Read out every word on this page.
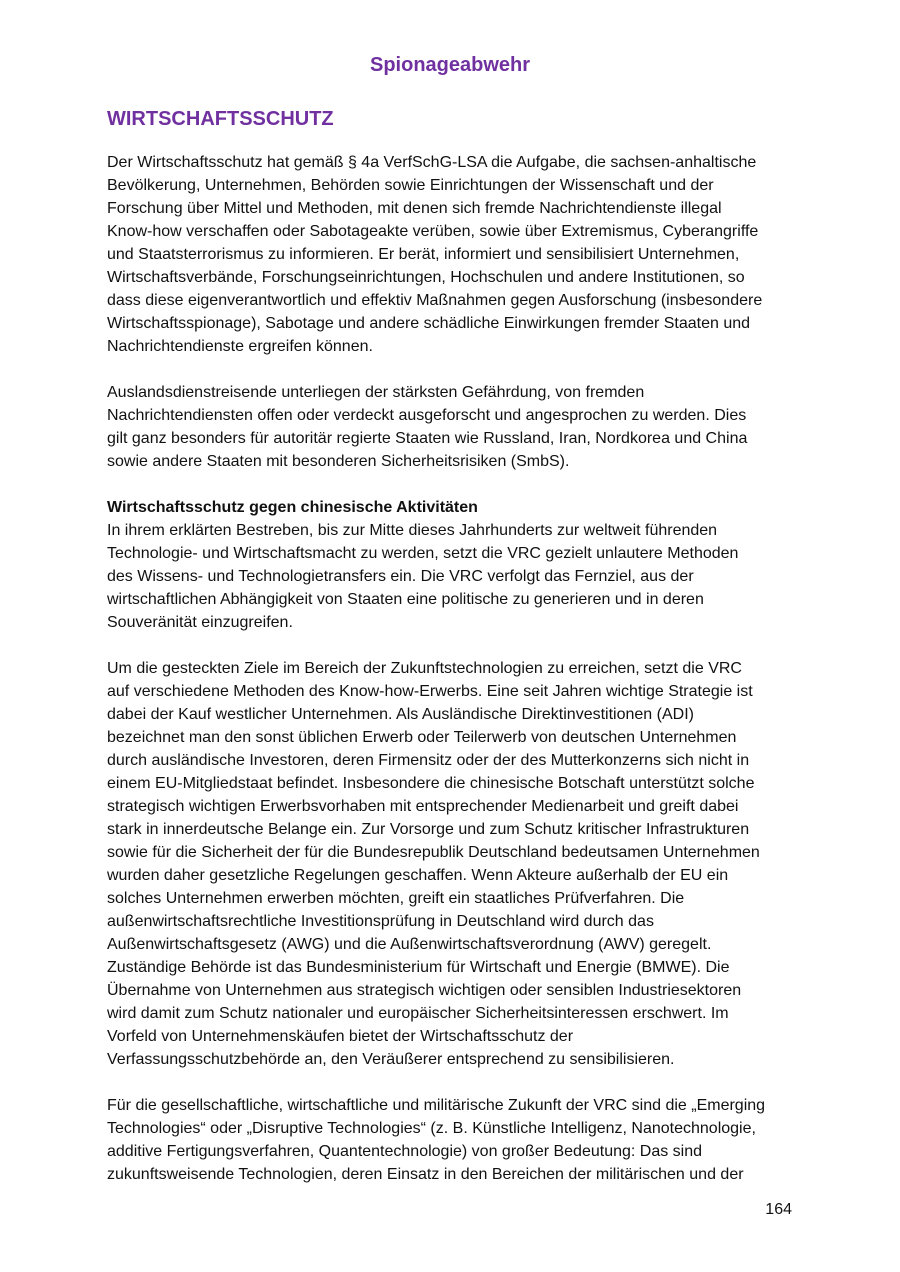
Spionageabwehr
WIRTSCHAFTSSCHUTZ

Der Wirtschaftsschutz hat gemäß § 4a VerfSchG-LSA die Aufgabe, die sachsen-anhaltische
Bevölkerung, Unternehmen, Behörden sowie Einrichtungen der Wissenschaft und der
Forschung über Mittel und Methoden, mit denen sich fremde Nachrichtendienste illegal
Know-how verschaffen oder Sabotageakte verüben, sowie über Extremismus, Cyberangriffe
und Staatsterrorismus zu informieren. Er berät, informiert und sensibilisiert Unternehmen,
Wirtschaftsverbände, Forschungseinrichtungen, Hochschulen und andere Institutionen, so
dass diese eigenverantwortlich und effektiv Maßnahmen gegen Ausforschung (insbesondere
Wirtschaftsspionage), Sabotage und andere schädliche Einwirkungen fremder Staaten und
Nachrichtendienste ergreifen können.

Auslandsdienstreisende unterliegen der stärksten Gefährdung, von fremden
Nachrichtendiensten offen oder verdeckt ausgeforscht und angesprochen zu werden. Dies
gilt ganz besonders für autoritär regierte Staaten wie Russland, Iran, Nordkorea und China
sowie andere Staaten mit besonderen Sicherheitsrisiken (SmbS).

Wirtschaftsschutz gegen chinesische Aktivitäten
In ihrem erklärten Bestreben, bis zur Mitte dieses Jahrhunderts zur weltweit führenden
Technologie- und Wirtschaftsmacht zu werden, setzt die VRC gezielt unlautere Methoden
des Wissens- und Technologietransfers ein. Die VRC verfolgt das Fernziel, aus der
wirtschaftlichen Abhängigkeit von Staaten eine politische zu generieren und in deren
Souveränität einzugreifen.

Um die gesteckten Ziele im Bereich der Zukunftstechnologien zu erreichen, setzt die VRC
auf verschiedene Methoden des Know-how-Erwerbs. Eine seit Jahren wichtige Strategie ist
dabei der Kauf westlicher Unternehmen. Als Ausländische Direktinvestitionen (ADI)
bezeichnet man den sonst üblichen Erwerb oder Teilerwerb von deutschen Unternehmen
durch ausländische Investoren, deren Firmensitz oder der des Mutterkonzerns sich nicht in
einem EU-Mitgliedstaat befindet. Insbesondere die chinesische Botschaft unterstützt solche
strategisch wichtigen Erwerbsvorhaben mit entsprechender Medienarbeit und greift dabei
stark in innerdeutsche Belange ein. Zur Vorsorge und zum Schutz kritischer Infrastrukturen
sowie für die Sicherheit der für die Bundesrepublik Deutschland bedeutsamen Unternehmen
wurden daher gesetzliche Regelungen geschaffen. Wenn Akteure außerhalb der EU ein
solches Unternehmen erwerben möchten, greift ein staatliches Prüfverfahren. Die
außenwirtschaftsrechtliche Investitionsprüfung in Deutschland wird durch das
Außenwirtschaftsgesetz (AWG) und die Außenwirtschaftsverordnung (AWV) geregelt.
Zuständige Behörde ist das Bundesministerium für Wirtschaft und Energie (BMWE). Die
Übernahme von Unternehmen aus strategisch wichtigen oder sensiblen Industriesektoren
wird damit zum Schutz nationaler und europäischer Sicherheitsinteressen erschwert. Im
Vorfeld von Unternehmenskäufen bietet der Wirtschaftsschutz der
Verfassungsschutzbehörde an, den Veräußerer entsprechend zu sensibilisieren.

Für die gesellschaftliche, wirtschaftliche und militärische Zukunft der VRC sind die „Emerging
Technologies“ oder „Disruptive Technologies“ (z. B. Künstliche Intelligenz, Nanotechnologie,
additive Fertigungsverfahren, Quantentechnologie) von großer Bedeutung: Das sind
zukunftsweisende Technologien, deren Einsatz in den Bereichen der militärischen und der

164
